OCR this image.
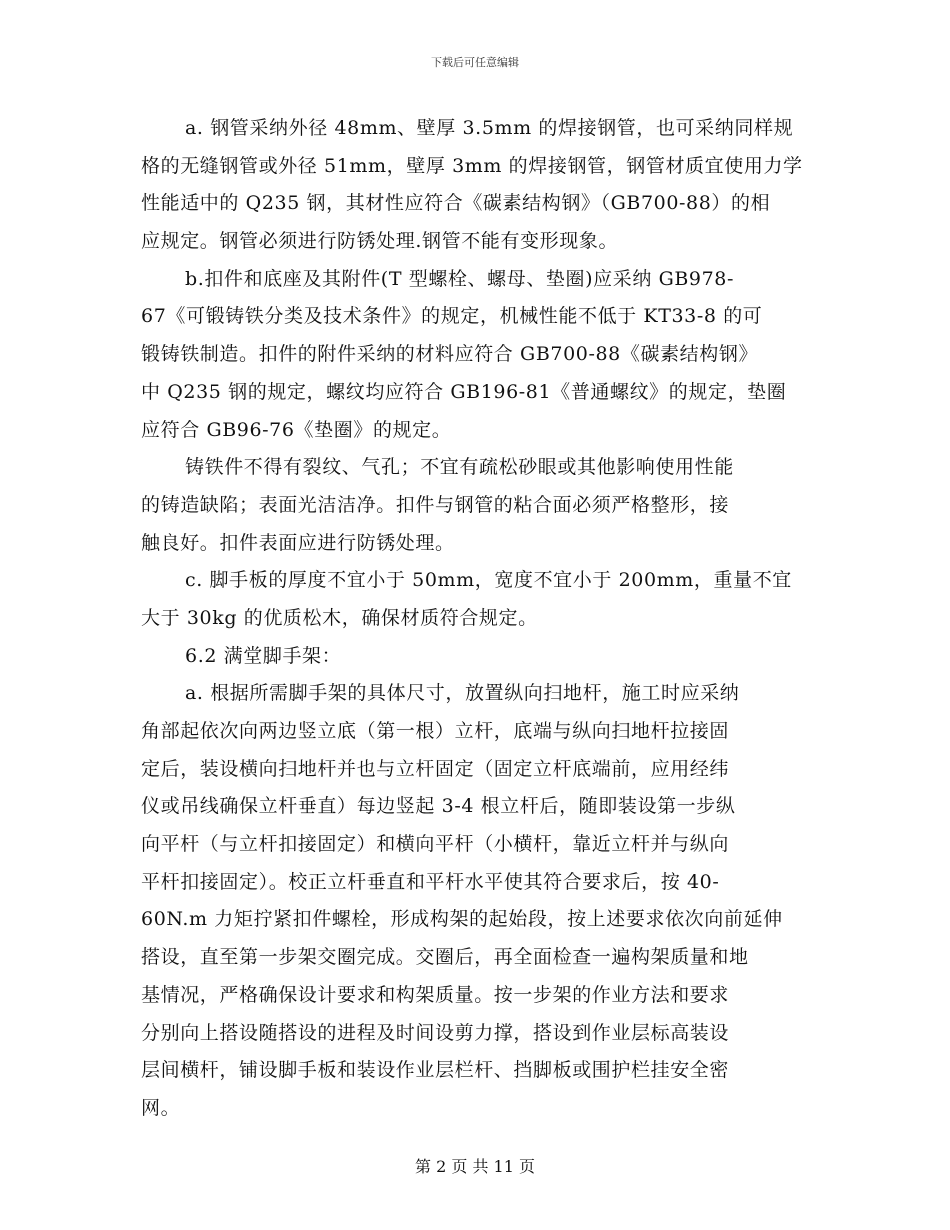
下载后可任意编辑
a. 钢管采纳外径 48mm、壁厚 3.5mm 的焊接钢管，也可采纳同样规
格的无缝钢管或外径 51mm，壁厚 3mm 的焊接钢管，钢管材质宜使用力学
性能适中的 Q235 钢，其材性应符合《碳素结构钢》（GB700-88）的相
应规定。钢管必须进行防锈处理.钢管不能有变形现象。
b.扣件和底座及其附件(T 型螺栓、螺母、垫圈)应采纳 GB978-
67《可锻铸铁分类及技术条件》的规定，机械性能不低于 KT33-8 的可
锻铸铁制造。扣件的附件采纳的材料应符合 GB700-88《碳素结构钢》
中 Q235 钢的规定，螺纹均应符合 GB196-81《普通螺纹》的规定，垫圈
应符合 GB96-76《垫圈》的规定。
铸铁件不得有裂纹、气孔；不宜有疏松砂眼或其他影响使用性能
的铸造缺陷；表面光洁洁净。扣件与钢管的粘合面必须严格整形，接
触良好。扣件表面应进行防锈处理。
c. 脚手板的厚度不宜小于 50mm，宽度不宜小于 200mm，重量不宜
大于 30kg 的优质松木，确保材质符合规定。
6.2 满堂脚手架：
a. 根据所需脚手架的具体尺寸，放置纵向扫地杆，施工时应采纳
角部起依次向两边竖立底（第一根）立杆，底端与纵向扫地杆拉接固
定后，装设横向扫地杆并也与立杆固定（固定立杆底端前，应用经纬
仪或吊线确保立杆垂直）每边竖起 3-4 根立杆后，随即装设第一步纵
向平杆（与立杆扣接固定）和横向平杆（小横杆，靠近立杆并与纵向
平杆扣接固定）。校正立杆垂直和平杆水平使其符合要求后，按 40-
60N.m 力矩拧紧扣件螺栓，形成构架的起始段，按上述要求依次向前延伸
搭设，直至第一步架交圈完成。交圈后，再全面检查一遍构架质量和地
基情况，严格确保设计要求和构架质量。按一步架的作业方法和要求
分别向上搭设随搭设的进程及时间设剪力撑，搭设到作业层标高装设
层间横杆，铺设脚手板和装设作业层栏杆、挡脚板或围护栏挂安全密
网。
第 2 页 共 11 页
